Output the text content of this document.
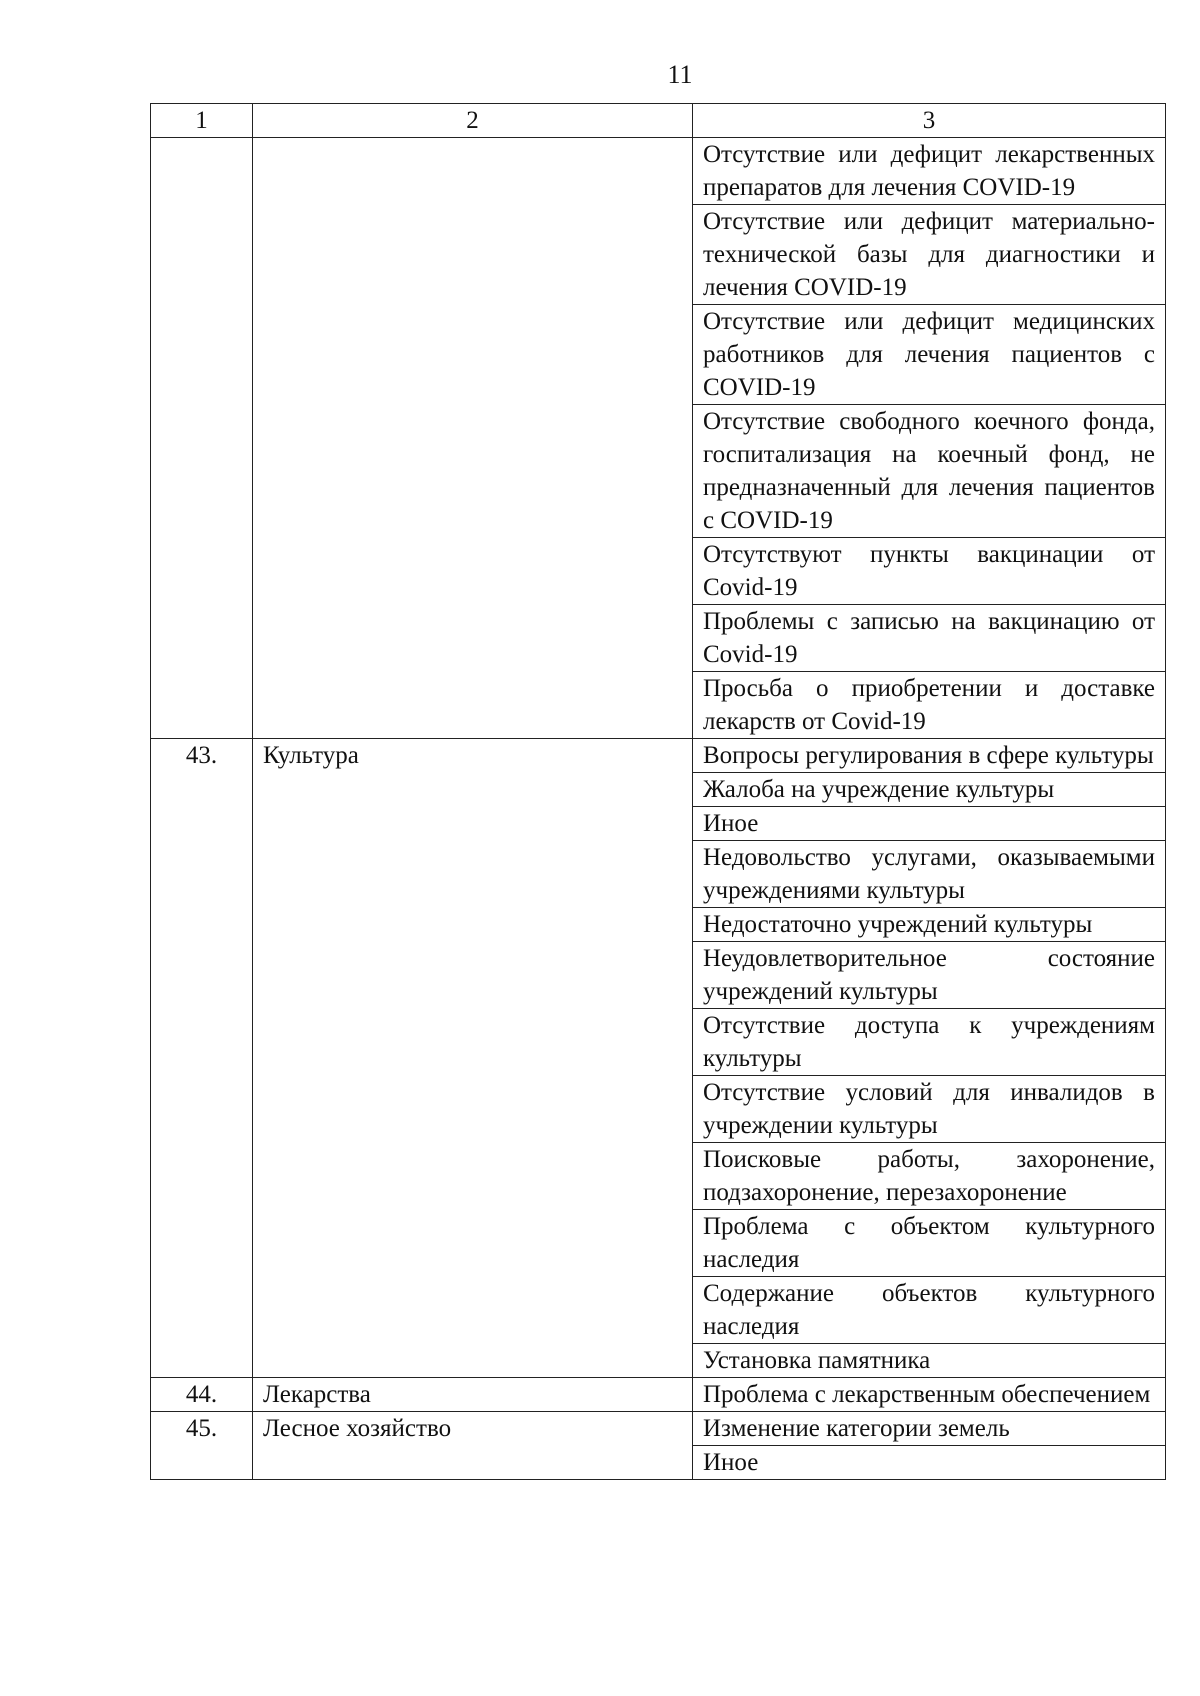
11
1	2	3
		Отсутствие или дефицит лекарственных препаратов для лечения COVID-19
		Отсутствие или дефицит материально-технической базы для диагностики и лечения COVID-19
		Отсутствие или дефицит медицинских работников для лечения пациентов с COVID-19
		Отсутствие свободного коечного фонда, госпитализация на коечный фонд, не предназначенный для лечения пациентов с COVID-19
		Отсутствуют пункты вакцинации от Covid-19
		Проблемы с записью на вакцинацию от Covid-19
		Просьба о приобретении и доставке лекарств от Covid-19
43.	Культура	Вопросы регулирования в сфере культуры
		Жалоба на учреждение культуры
		Иное
		Недовольство услугами, оказываемыми учреждениями культуры
		Недостаточно учреждений культуры
		Неудовлетворительное состояние учреждений культуры
		Отсутствие доступа к учреждениям культуры
		Отсутствие условий для инвалидов в учреждении культуры
		Поисковые работы, захоронение, подзахоронение, перезахоронение
		Проблема с объектом культурного наследия
		Содержание объектов культурного наследия
		Установка памятника
44.	Лекарства	Проблема с лекарственным обеспечением
45.	Лесное хозяйство	Изменение категории земель
		Иное
